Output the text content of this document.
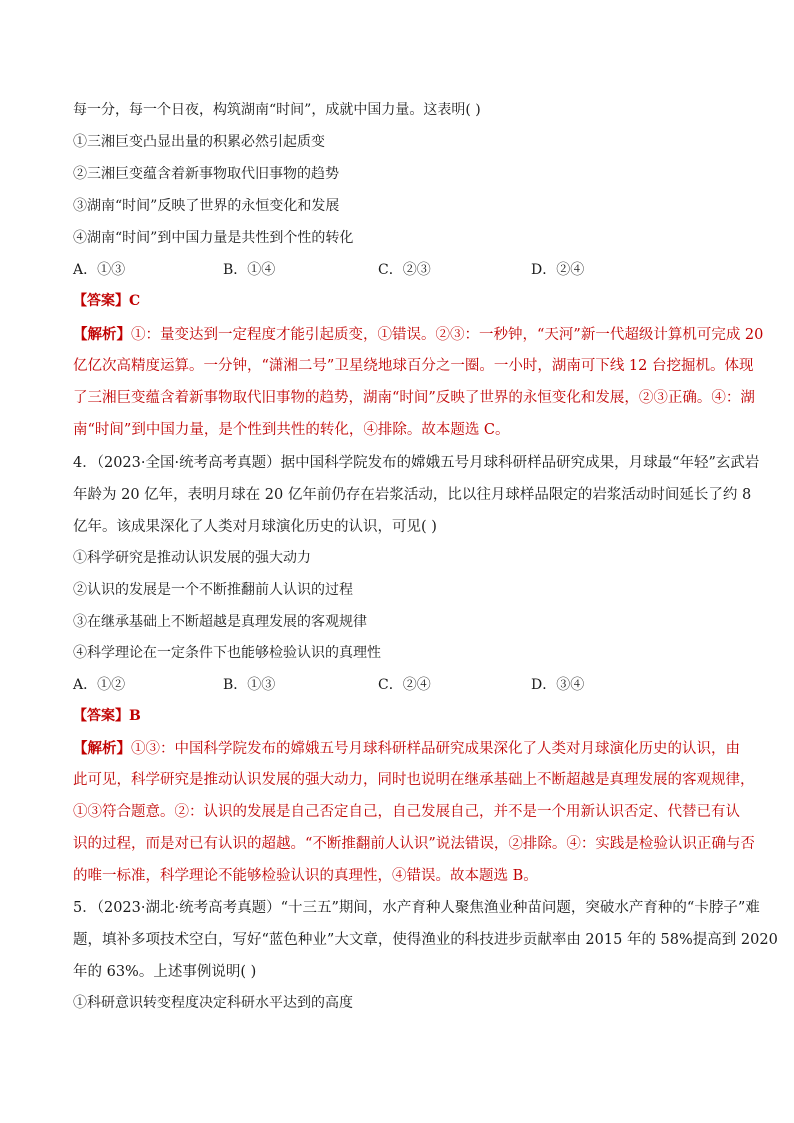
每一分，每一个日夜，构筑湖南“时间”，成就中国力量。这表明( )
①三湘巨变凸显出量的积累必然引起质变
②三湘巨变蕴含着新事物取代旧事物的趋势
③湖南“时间”反映了世界的永恒变化和发展
④湖南“时间”到中国力量是共性到个性的转化
A．①③	B．①④	C．②③	D．②④
【答案】C
【解析】①：量变达到一定程度才能引起质变，①错误。②③：一秒钟，“天河”新一代超级计算机可完成 20
亿亿次高精度运算。一分钟，“潇湘二号”卫星绕地球百分之一圈。一小时，湖南可下线 12 台挖掘机。体现
了三湘巨变蕴含着新事物取代旧事物的趋势，湖南“时间”反映了世界的永恒变化和发展，②③正确。④：湖
南“时间”到中国力量，是个性到共性的转化，④排除。故本题选 C。
4．（2023·全国·统考高考真题）据中国科学院发布的嫦娥五号月球科研样品研究成果，月球最“年轻”玄武岩
年龄为 20 亿年，表明月球在 20 亿年前仍存在岩浆活动，比以往月球样品限定的岩浆活动时间延长了约 8
亿年。该成果深化了人类对月球演化历史的认识，可见( )
①科学研究是推动认识发展的强大动力
②认识的发展是一个不断推翻前人认识的过程
③在继承基础上不断超越是真理发展的客观规律
④科学理论在一定条件下也能够检验认识的真理性
A．①②	B．①③	C．②④	D．③④
【答案】B
【解析】①③：中国科学院发布的嫦娥五号月球科研样品研究成果深化了人类对月球演化历史的认识，由
此可见，科学研究是推动认识发展的强大动力，同时也说明在继承基础上不断超越是真理发展的客观规律，
①③符合题意。②：认识的发展是自己否定自己，自己发展自己，并不是一个用新认识否定、代替已有认
识的过程，而是对已有认识的超越。“不断推翻前人认识”说法错误，②排除。④：实践是检验认识正确与否
的唯一标准，科学理论不能够检验认识的真理性，④错误。故本题选 B。
5．（2023·湖北·统考高考真题）“十三五”期间，水产育种人聚焦渔业种苗问题，突破水产育种的“卡脖子”难
题，填补多项技术空白，写好“蓝色种业”大文章，使得渔业的科技进步贡献率由 2015 年的 58%提高到 2020
年的 63%。上述事例说明( )
①科研意识转变程度决定科研水平达到的高度
